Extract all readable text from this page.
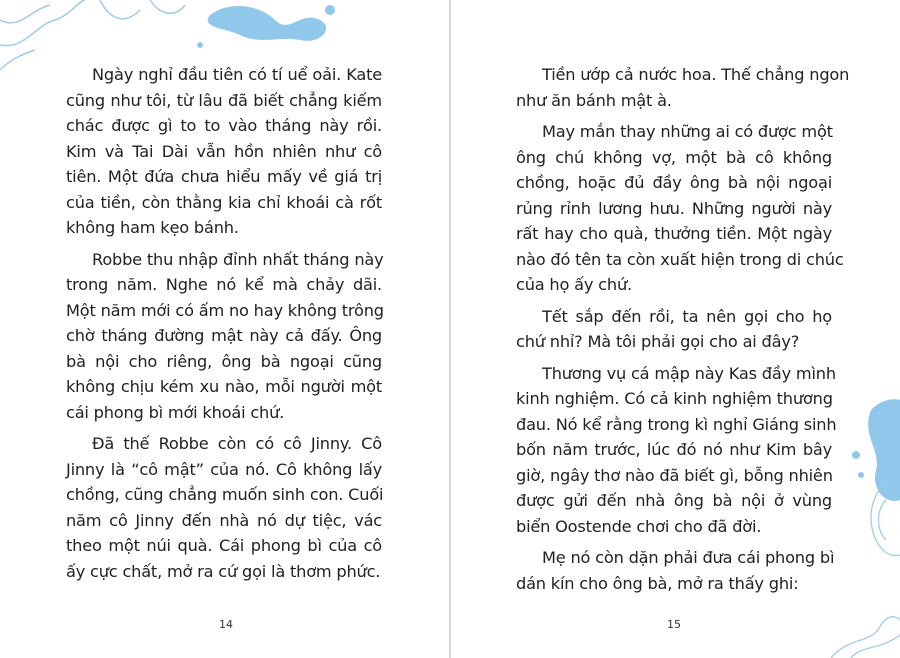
Ngày nghỉ đầu tiên có tí uể oải. Kate
cũng như tôi, từ lâu đã biết chẳng kiếm
chác được gì to to vào tháng này rồi.
Kim và Tai Dài vẫn hồn nhiên như cô
tiên. Một đứa chưa hiểu mấy về giá trị
của tiền, còn thằng kia chỉ khoái cà rốt
không ham kẹo bánh.
Robbe thu nhập đỉnh nhất tháng này
trong năm. Nghe nó kể mà chảy dãi.
Một năm mới có ấm no hay không trông
chờ tháng đường mật này cả đấy. Ông
bà nội cho riêng, ông bà ngoại cũng
không chịu kém xu nào, mỗi người một
cái phong bì mới khoái chứ.
Đã thế Robbe còn có cô Jinny. Cô
Jinny là “cô mật” của nó. Cô không lấy
chồng, cũng chẳng muốn sinh con. Cuối
năm cô Jinny đến nhà nó dự tiệc, vác
theo một núi quà. Cái phong bì của cô
ấy cực chất, mở ra cứ gọi là thơm phức.
14
Tiền ướp cả nước hoa. Thế chẳng ngon
như ăn bánh mật à.
May mắn thay những ai có được một
ông chú không vợ, một bà cô không
chồng, hoặc đủ đầy ông bà nội ngoại
rủng rỉnh lương hưu. Những người này
rất hay cho quà, thưởng tiền. Một ngày
nào đó tên ta còn xuất hiện trong di chúc
của họ ấy chứ.
Tết sắp đến rồi, ta nên gọi cho họ
chứ nhỉ? Mà tôi phải gọi cho ai đây?
Thương vụ cá mập này Kas đầy mình
kinh nghiệm. Có cả kinh nghiệm thương
đau. Nó kể rằng trong kì nghỉ Giáng sinh
bốn năm trước, lúc đó nó như Kim bây
giờ, ngây thơ nào đã biết gì, bỗng nhiên
được gửi đến nhà ông bà nội ở vùng
biển Oostende chơi cho đã đời.
Mẹ nó còn dặn phải đưa cái phong bì
dán kín cho ông bà, mở ra thấy ghi:
15
